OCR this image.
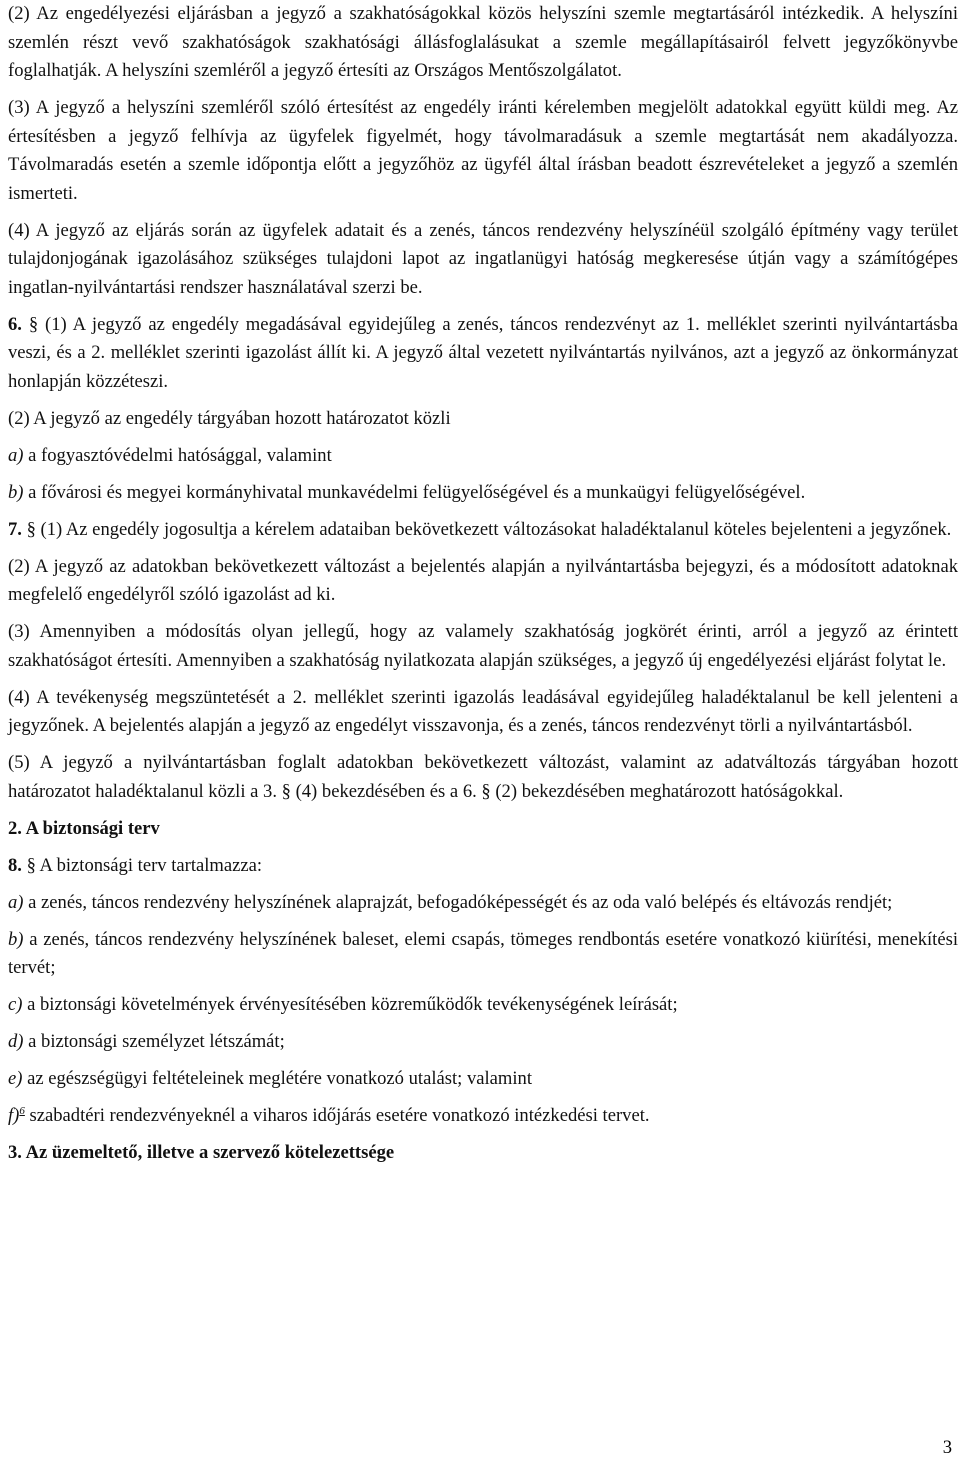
(2) Az engedélyezési eljárásban a jegyző a szakhatóságokkal közös helyszíni szemle megtartásáról intézkedik. A helyszíni szemlén részt vevő szakhatóságok szakhatósági állásfoglalásukat a szemle megállapításairól felvett jegyzőkönyvbe foglalhatják. A helyszíni szemléről a jegyző értesíti az Országos Mentőszolgálatot.

(3) A jegyző a helyszíni szemléről szóló értesítést az engedély iránti kérelemben megjelölt adatokkal együtt küldi meg. Az értesítésben a jegyző felhívja az ügyfelek figyelmét, hogy távolmaradásuk a szemle megtartását nem akadályozza. Távolmaradás esetén a szemle időpontja előtt a jegyzőhöz az ügyfél által írásban beadott észrevételeket a jegyző a szemlén ismerteti.

(4) A jegyző az eljárás során az ügyfelek adatait és a zenés, táncos rendezvény helyszínéül szolgáló építmény vagy terület tulajdonjogának igazolásához szükséges tulajdoni lapot az ingatlanügyi hatóság megkeresése útján vagy a számítógépes ingatlan-nyilvántartási rendszer használatával szerzi be.

6. § (1) A jegyző az engedély megadásával egyidejűleg a zenés, táncos rendezvényt az 1. melléklet szerinti nyilvántartásba veszi, és a 2. melléklet szerinti igazolást állít ki. A jegyző által vezetett nyilvántartás nyilvános, azt a jegyző az önkormányzat honlapján közzéteszi.

(2) A jegyző az engedély tárgyában hozott határozatot közli

a) a fogyasztóvédelmi hatósággal, valamint

b) a fővárosi és megyei kormányhivatal munkavédelmi felügyelőségével és a munkaügyi felügyelőségével.

7. § (1) Az engedély jogosultja a kérelem adataiban bekövetkezett változásokat haladéktalanul köteles bejelenteni a jegyzőnek.

(2) A jegyző az adatokban bekövetkezett változást a bejelentés alapján a nyilvántartásba bejegyzi, és a módosított adatoknak megfelelő engedélyről szóló igazolást ad ki.

(3) Amennyiben a módosítás olyan jellegű, hogy az valamely szakhatóság jogkörét érinti, arról a jegyző az érintett szakhatóságot értesíti. Amennyiben a szakhatóság nyilatkozata alapján szükséges, a jegyző új engedélyezési eljárást folytat le.

(4) A tevékenység megszüntetését a 2. melléklet szerinti igazolás leadásával egyidejűleg haladéktalanul be kell jelenteni a jegyzőnek. A bejelentés alapján a jegyző az engedélyt visszavonja, és a zenés, táncos rendezvényt törli a nyilvántartásból.

(5) A jegyző a nyilvántartásban foglalt adatokban bekövetkezett változást, valamint az adatváltozás tárgyában hozott határozatot haladéktalanul közli a 3. § (4) bekezdésében és a 6. § (2) bekezdésében meghatározott hatóságokkal.

2. A biztonsági terv

8. § A biztonsági terv tartalmazza:

a) a zenés, táncos rendezvény helyszínének alaprajzát, befogadóképességét és az oda való belépés és eltávozás rendjét;

b) a zenés, táncos rendezvény helyszínének baleset, elemi csapás, tömeges rendbontás esetére vonatkozó kiürítési, menekítési tervét;

c) a biztonsági követelmények érvényesítésében közreműködők tevékenységének leírását;

d) a biztonsági személyzet létszámát;

e) az egészségügyi feltételeinek meglétére vonatkozó utalást; valamint

f)$^6$ szabadtéri rendezvényeknél a viharos időjárás esetére vonatkozó intézkedési tervet.

3. Az üzemeltető, illetve a szervező kötelezettsége

3
